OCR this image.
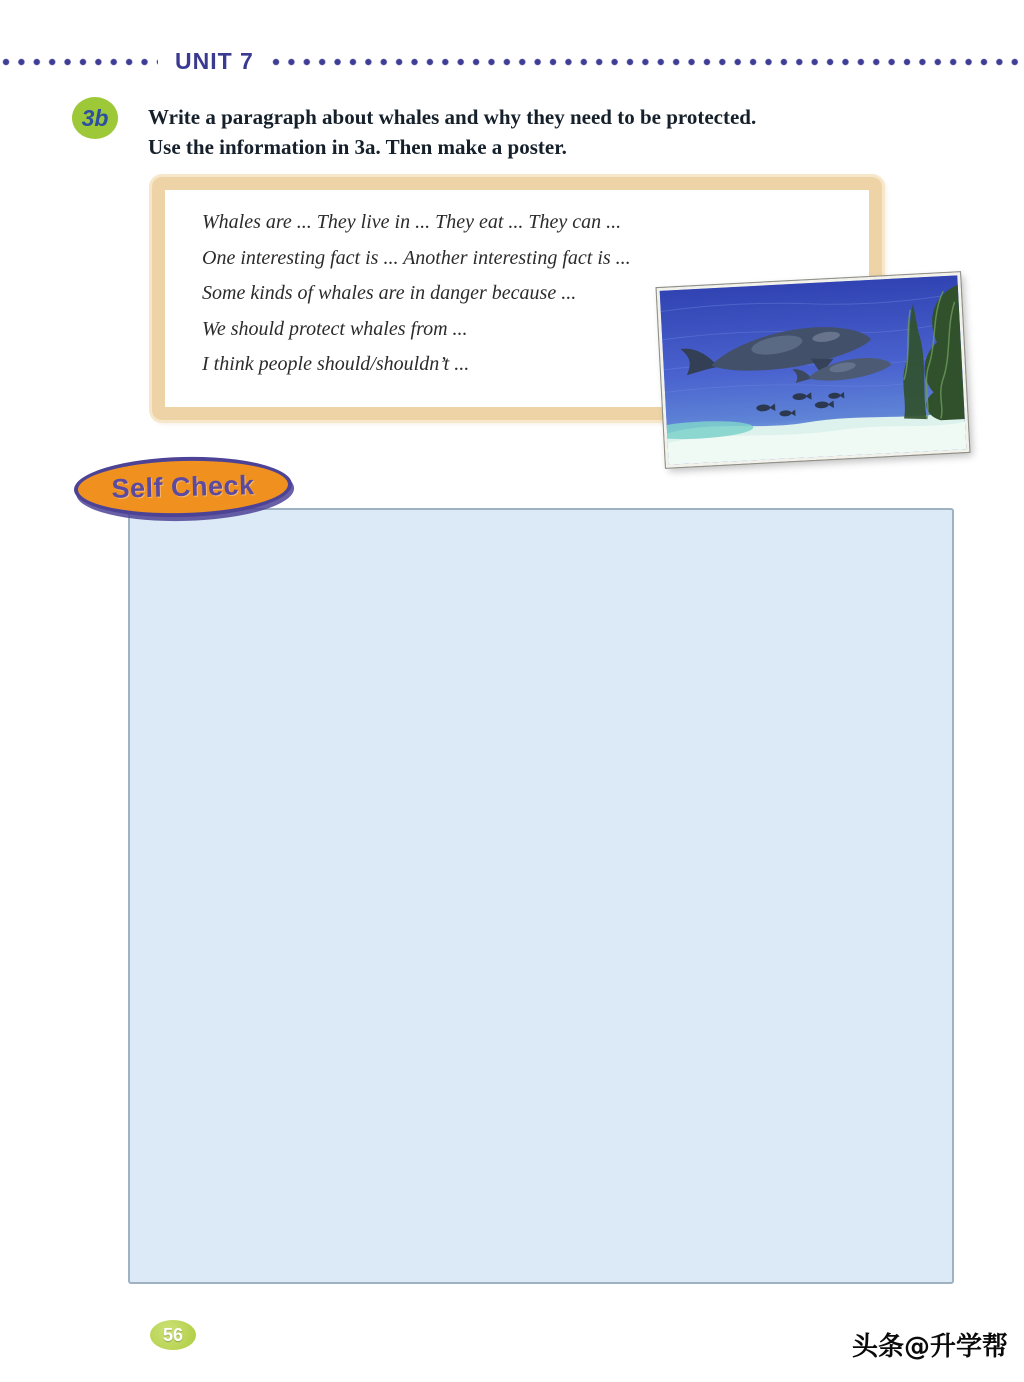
UNIT 7
3b	Write a paragraph about whales and why they need to be protected.
Use the information in 3a. Then make a poster.
Whales are ... They live in ... They eat ... They can ...
One interesting fact is ... Another interesting fact is ...
Some kinds of whales are in danger because ...
We should protect whales from ...
I think people should/shouldn’t ...
Self Check

56	头条@升学帮
